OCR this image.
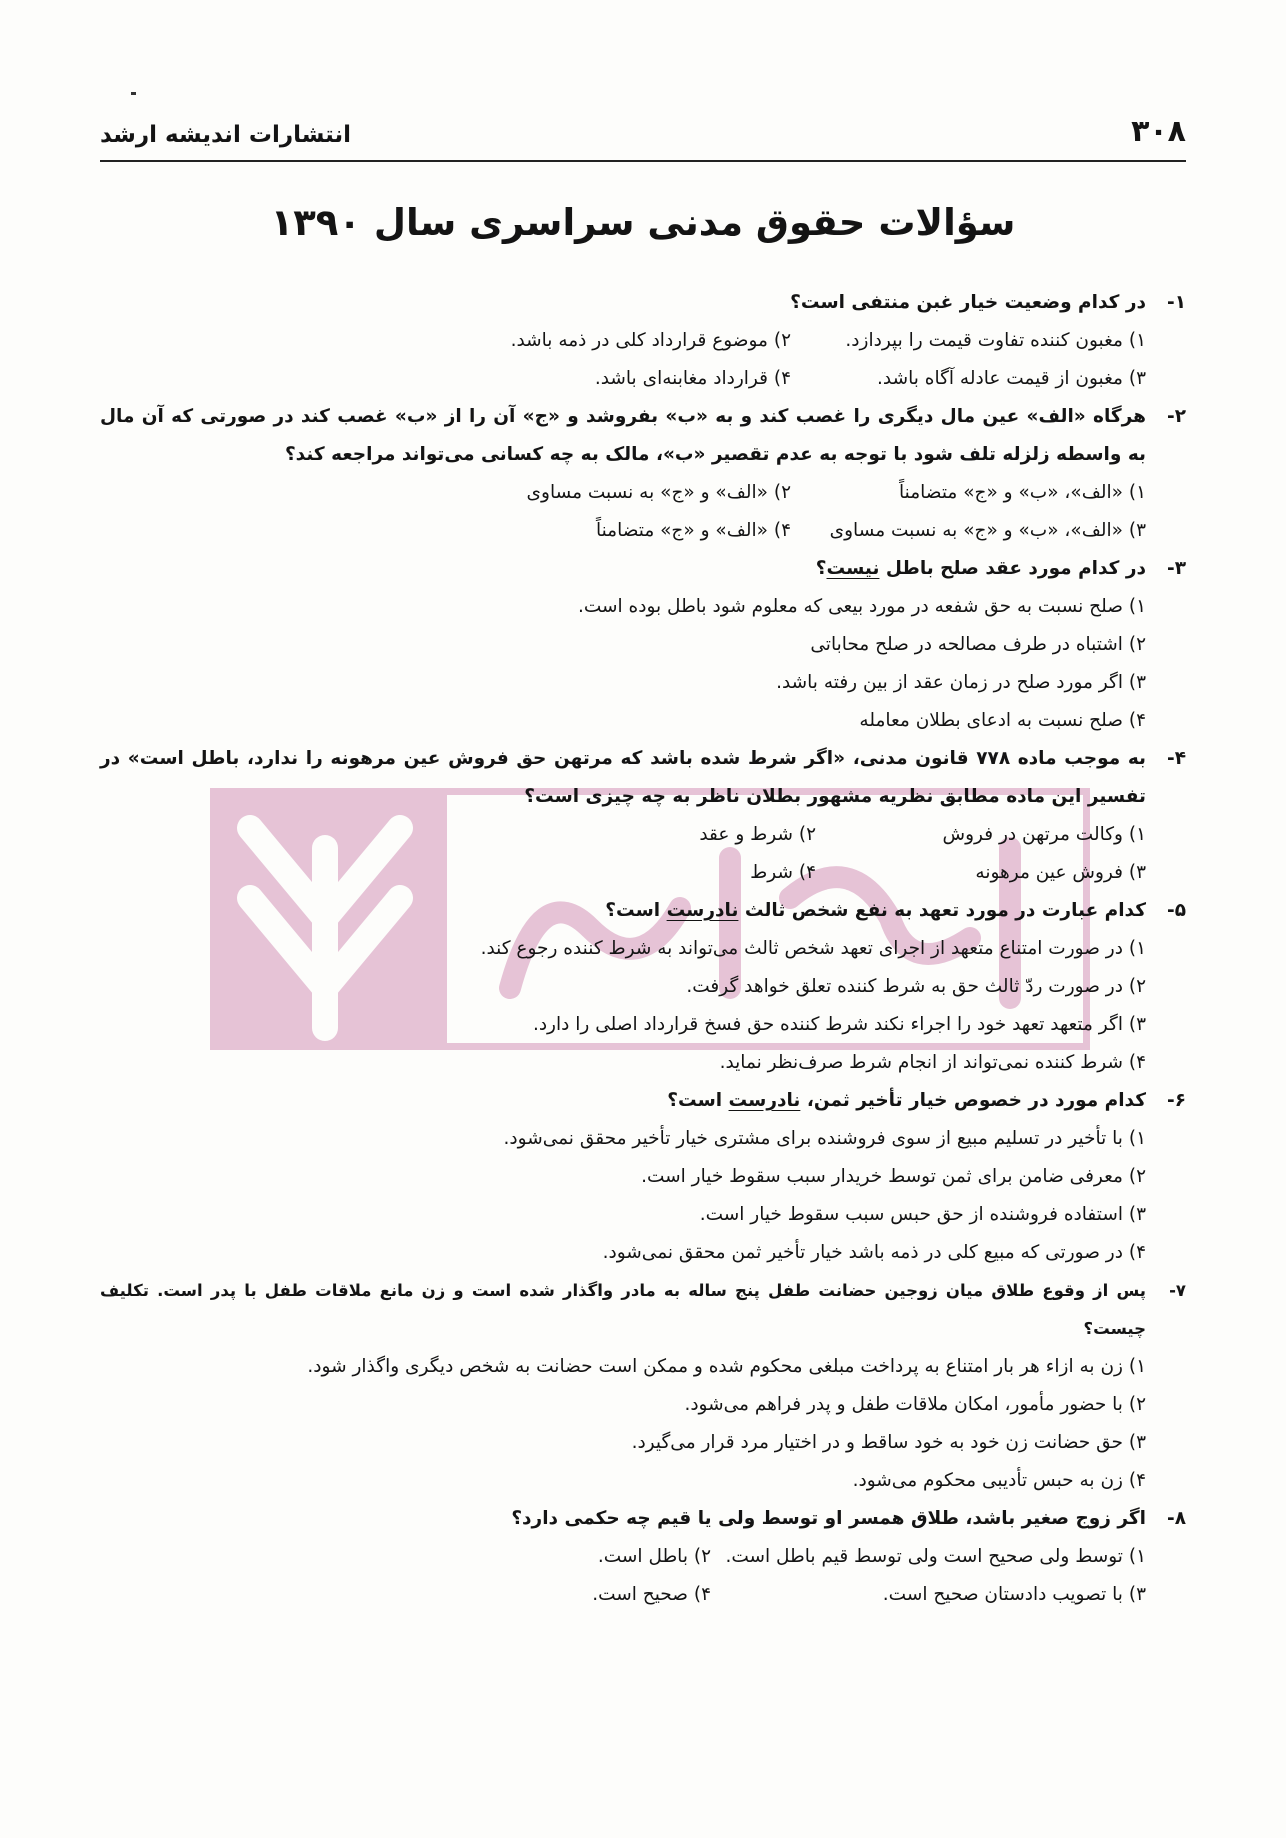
۳۰۸
انتشارات اندیشه ارشد
سؤالات حقوق مدنی سراسری سال ۱۳۹۰
۱-
در کدام وضعیت خیار غبن منتفی است؟
۱) مغبون کننده تفاوت قیمت را بپردازد.
۲) موضوع قرارداد کلی در ذمه باشد.
۳) مغبون از قیمت عادله آگاه باشد.
۴) قرارداد مغابنه‌ای باشد.
۲-
هرگاه «الف» عین مال دیگری را غصب کند و به «ب» بفروشد و «ج» آن را از «ب» غصب کند در صورتی که آن مال به واسطه زلزله تلف شود با توجه به عدم تقصیر «ب»، مالک به چه کسانی می‌تواند مراجعه کند؟
۱) «الف»، «ب» و «ج» متضامناً
۲) «الف» و «ج» به نسبت مساوی
۳) «الف»، «ب» و «ج» به نسبت مساوی
۴) «الف» و «ج» متضامناً
۳-
در کدام مورد عقد صلح باطل نیست؟
۱) صلح نسبت به حق شفعه در مورد بیعی که معلوم شود باطل بوده است.
۲) اشتباه در طرف مصالحه در صلح محاباتی
۳) اگر مورد صلح در زمان عقد از بین رفته باشد.
۴) صلح نسبت به ادعای بطلان معامله
۴-
به موجب ماده ۷۷۸ قانون مدنی، «اگر شرط شده باشد که مرتهن حق فروش عین مرهونه را ندارد، باطل است» در تفسیر این ماده مطابق نظریه مشهور بطلان ناظر به چه چیزی است؟
۱) وکالت مرتهن در فروش
۲) شرط و عقد
۳) فروش عین مرهونه
۴) شرط
۵-
کدام عبارت در مورد تعهد به نفع شخص ثالث نادرست است؟
۱) در صورت امتناع متعهد از اجرای تعهد شخص ثالث می‌تواند به شرط کننده رجوع کند.
۲) در صورت ردّ ثالث حق به شرط کننده تعلق خواهد گرفت.
۳) اگر متعهد تعهد خود را اجراء نکند شرط کننده حق فسخ قرارداد اصلی را دارد.
۴) شرط کننده نمی‌تواند از انجام شرط صرف‌نظر نماید.
۶-
کدام مورد در خصوص خیار تأخیر ثمن، نادرست است؟
۱) با تأخیر در تسلیم مبیع از سوی فروشنده برای مشتری خیار تأخیر محقق نمی‌شود.
۲) معرفی ضامن برای ثمن توسط خریدار سبب سقوط خیار است.
۳) استفاده فروشنده از حق حبس سبب سقوط خیار است.
۴) در صورتی که مبیع کلی در ذمه باشد خیار تأخیر ثمن محقق نمی‌شود.
۷-
پس از وقوع طلاق میان زوجین حضانت طفل پنج ساله به مادر واگذار شده است و زن مانع ملاقات طفل با پدر است. تکلیف چیست؟
۱) زن به ازاء هر بار امتناع به پرداخت مبلغی محکوم شده و ممکن است حضانت به شخص دیگری واگذار شود.
۲) با حضور مأمور، امکان ملاقات طفل و پدر فراهم می‌شود.
۳) حق حضانت زن خود به خود ساقط و در اختیار مرد قرار می‌گیرد.
۴) زن به حبس تأدیبی محکوم می‌شود.
۸-
اگر زوج صغیر باشد، طلاق همسر او توسط ولی یا قیم چه حکمی دارد؟
۱) توسط ولی صحیح است ولی توسط قیم باطل است.
۲) باطل است.
۳) با تصویب دادستان صحیح است.
۴) صحیح است.
